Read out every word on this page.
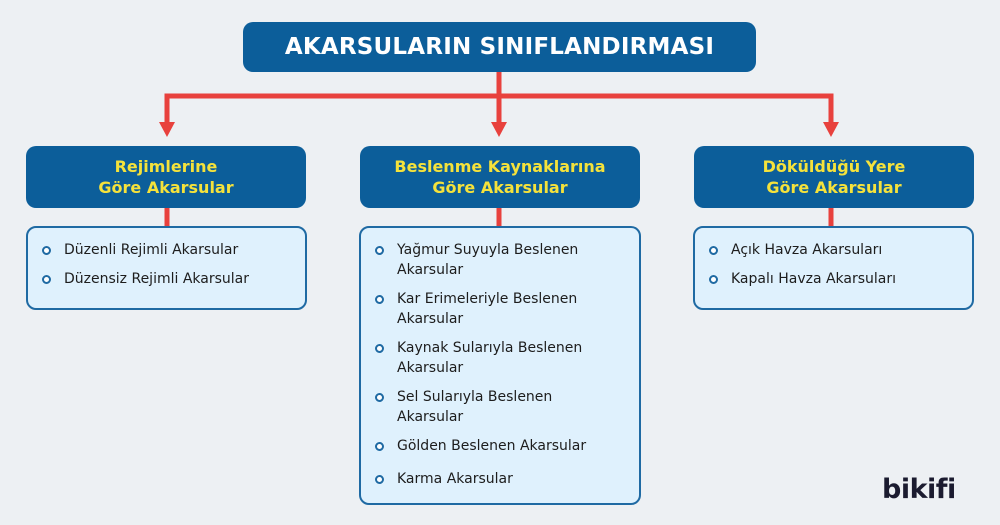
AKARSULARIN SINIFLANDIRMASI
Rejimlerine
Göre Akarsular
Düzenli Rejimli Akarsular
Düzensiz Rejimli Akarsular
Beslenme Kaynaklarına
Göre Akarsular
Yağmur Suyuyla Beslenen Akarsular
Kar Erimeleriyle Beslenen Akarsular
Kaynak Sularıyla Beslenen Akarsular
Sel Sularıyla Beslenen Akarsular
Gölden Beslenen Akarsular
Karma Akarsular
Döküldüğü Yere
Göre Akarsular
Açık Havza Akarsuları
Kapalı Havza Akarsuları
bikifi
